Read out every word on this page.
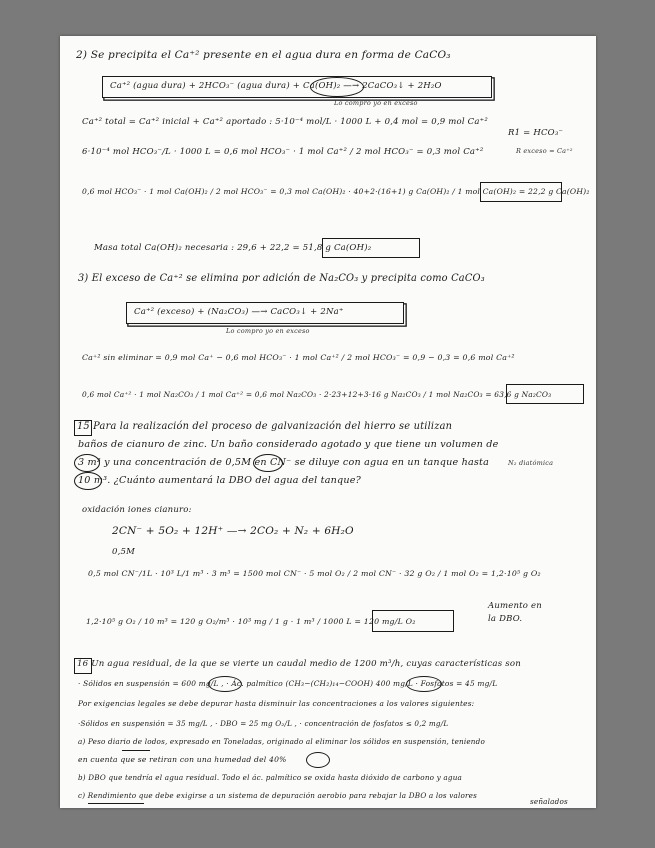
2) Se precipita el Ca⁺² presente en el agua dura en forma de CaCO₃
Ca⁺² (agua dura) + 2HCO₃⁻ (agua dura) + Ca(OH)₂ —→ 2CaCO₃↓ + 2H₂O
Lo compro yo en exceso
Ca⁺² total = Ca⁺² inicial + Ca⁺² aportado : 5·10⁻⁴ mol/L · 1000 L + 0,4 mol = 0,9 mol Ca⁺²
R1 = HCO₃⁻
6·10⁻⁴ mol HCO₃⁻/L · 1000 L = 0,6 mol HCO₃⁻ · 1 mol Ca⁺² / 2 mol HCO₃⁻ = 0,3 mol Ca⁺²	R exceso = Ca⁺²
0,6 mol HCO₃⁻ · 1 mol Ca(OH)₂ / 2 mol HCO₃⁻ = 0,3 mol Ca(OH)₂ · 40+2·(16+1) g Ca(OH)₂ / 1 mol Ca(OH)₂ = 22,2 g Ca(OH)₂
Masa total Ca(OH)₂ necesaria : 29,6 + 22,2 = 51,8 g Ca(OH)₂
3) El exceso de Ca⁺² se elimina por adición de Na₂CO₃ y precipita como CaCO₃
Ca⁺² (exceso) + (Na₂CO₃) —→ CaCO₃↓ + 2Na⁺
Lo compro yo en exceso
Ca⁺² sin eliminar = 0,9 mol Ca⁺ − 0,6 mol HCO₃⁻ · 1 mol Ca⁺² / 2 mol HCO₃⁻ = 0,9 − 0,3 = 0,6 mol Ca⁺²
0,6 mol Ca⁺² · 1 mol Na₂CO₃ / 1 mol Ca⁺² = 0,6 mol Na₂CO₃ · 2·23+12+3·16 g Na₂CO₃ / 1 mol Na₂CO₃ = 63,6 g Na₂CO₃
15 Para la realización del proceso de galvanización del hierro se utilizan
baños de cianuro de zinc. Un baño considerado agotado y que tiene un volumen de
3 m³ y una concentración de 0,5M en CN⁻ se diluye con agua en un tanque hasta	N₂ diatómica
10 m³. ¿Cuánto aumentará la DBO del agua del tanque?
oxidación iones cianuro:
2CN⁻ + 5O₂ + 12H⁺ —→ 2CO₂ + N₂ + 6H₂O
0,5M
0,5 mol CN⁻/1L · 10³ L/1 m³ · 3 m³ = 1500 mol CN⁻ · 5 mol O₂ / 2 mol CN⁻ · 32 g O₂ / 1 mol O₂ = 1,2·10⁵ g O₂
1,2·10⁵ g O₂ / 10 m³ = 120 g O₂/m³ · 10³ mg / 1 g · 1 m³ / 1000 L = 120 mg/L O₂
Aumento en la DBO.
16 Un agua residual, de la que se vierte un caudal medio de 1200 m³/h, cuyas características son
· Sólidos en suspensión = 600 mg/L , · Ác. palmítico (CH₃−(CH₂)₁₄−COOH) 400 mg/L · Fosfatos = 45 mg/L
Por exigencias legales se debe depurar hasta disminuir las concentraciones a los valores siguientes:
·Sólidos en suspensión = 35 mg/L , · DBO = 25 mg O₂/L , · concentración de fosfatos ≤ 0,2 mg/L
a) Peso diario de lodos, expresado en Toneladas, originado al eliminar los sólidos en suspensión, teniendo
en cuenta que se retiran con una humedad del 40%
b) DBO que tendría el agua residual. Todo el ác. palmítico se oxida hasta dióxido de carbono y agua
c) Rendimiento que debe exigirse a un sistema de depuración aerobio para rebajar la DBO a los valores
señalados
